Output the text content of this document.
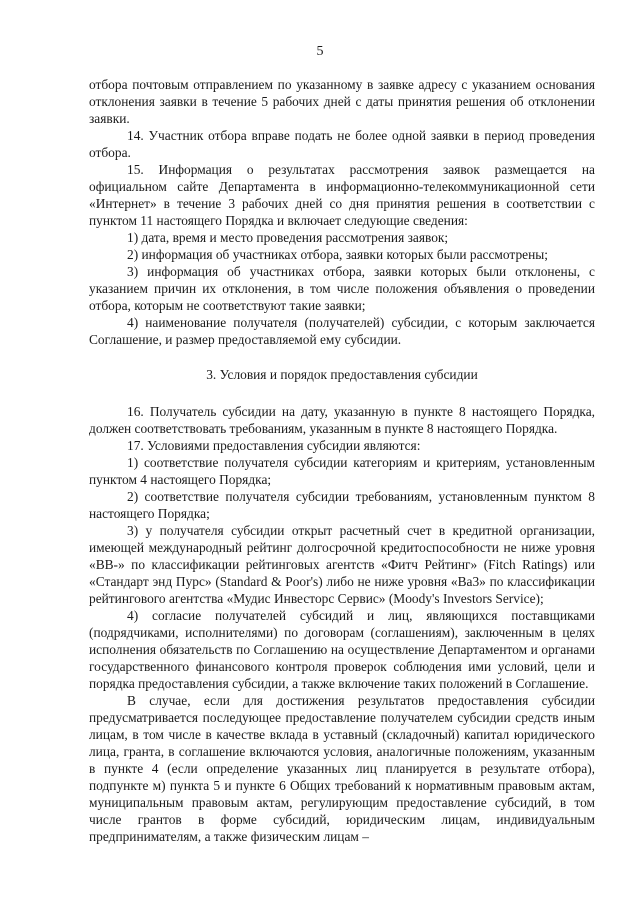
5

отбора почтовым отправлением по указанному в заявке адресу с указанием основания отклонения заявки в течение 5 рабочих дней с даты принятия решения об отклонении заявки.

14. Участник отбора вправе подать не более одной заявки в период проведения отбора.

15. Информация о результатах рассмотрения заявок размещается на официальном сайте Департамента в информационно-телекоммуникационной сети «Интернет» в течение 3 рабочих дней со дня принятия решения в соответствии с пунктом 11 настоящего Порядка и включает следующие сведения:

1) дата, время и место проведения рассмотрения заявок;

2) информация об участниках отбора, заявки которых были рассмотрены;

3) информация об участниках отбора, заявки которых были отклонены, с указанием причин их отклонения, в том числе положения объявления о проведении отбора, которым не соответствуют такие заявки;

4) наименование получателя (получателей) субсидии, с которым заключается Соглашение, и размер предоставляемой ему субсидии.

3. Условия и порядок предоставления субсидии

16. Получатель субсидии на дату, указанную в пункте 8 настоящего Порядка, должен соответствовать требованиям, указанным в пункте 8 настоящего Порядка.

17. Условиями предоставления субсидии являются:

1) соответствие получателя субсидии категориям и критериям, установленным пунктом 4 настоящего Порядка;

2) соответствие получателя субсидии требованиям, установленным пунктом 8 настоящего Порядка;

3) у получателя субсидии открыт расчетный счет в кредитной организации, имеющей международный рейтинг долгосрочной кредитоспособности не ниже уровня «BB-» по классификации рейтинговых агентств «Фитч Рейтинг» (Fitch Ratings) или «Стандарт энд Пурс» (Standard & Poor's) либо не ниже уровня «Ba3» по классификации рейтингового агентства «Мудис Инвесторс Сервис» (Moody's Investors Service);

4) согласие получателей субсидий и лиц, являющихся поставщиками (подрядчиками, исполнителями) по договорам (соглашениям), заключенным в целях исполнения обязательств по Соглашению на осуществление Департаментом и органами государственного финансового контроля проверок соблюдения ими условий, цели и порядка предоставления субсидии, а также включение таких положений в Соглашение.

В случае, если для достижения результатов предоставления субсидии предусматривается последующее предоставление получателем субсидии средств иным лицам, в том числе в качестве вклада в уставный (складочный) капитал юридического лица, гранта, в соглашение включаются условия, аналогичные положениям, указанным в пункте 4 (если определение указанных лиц планируется в результате отбора), подпункте м) пункта 5 и пункте 6 Общих требований к нормативным правовым актам, муниципальным правовым актам, регулирующим предоставление субсидий, в том числе грантов в форме субсидий, юридическим лицам, индивидуальным предпринимателям, а также физическим лицам –
